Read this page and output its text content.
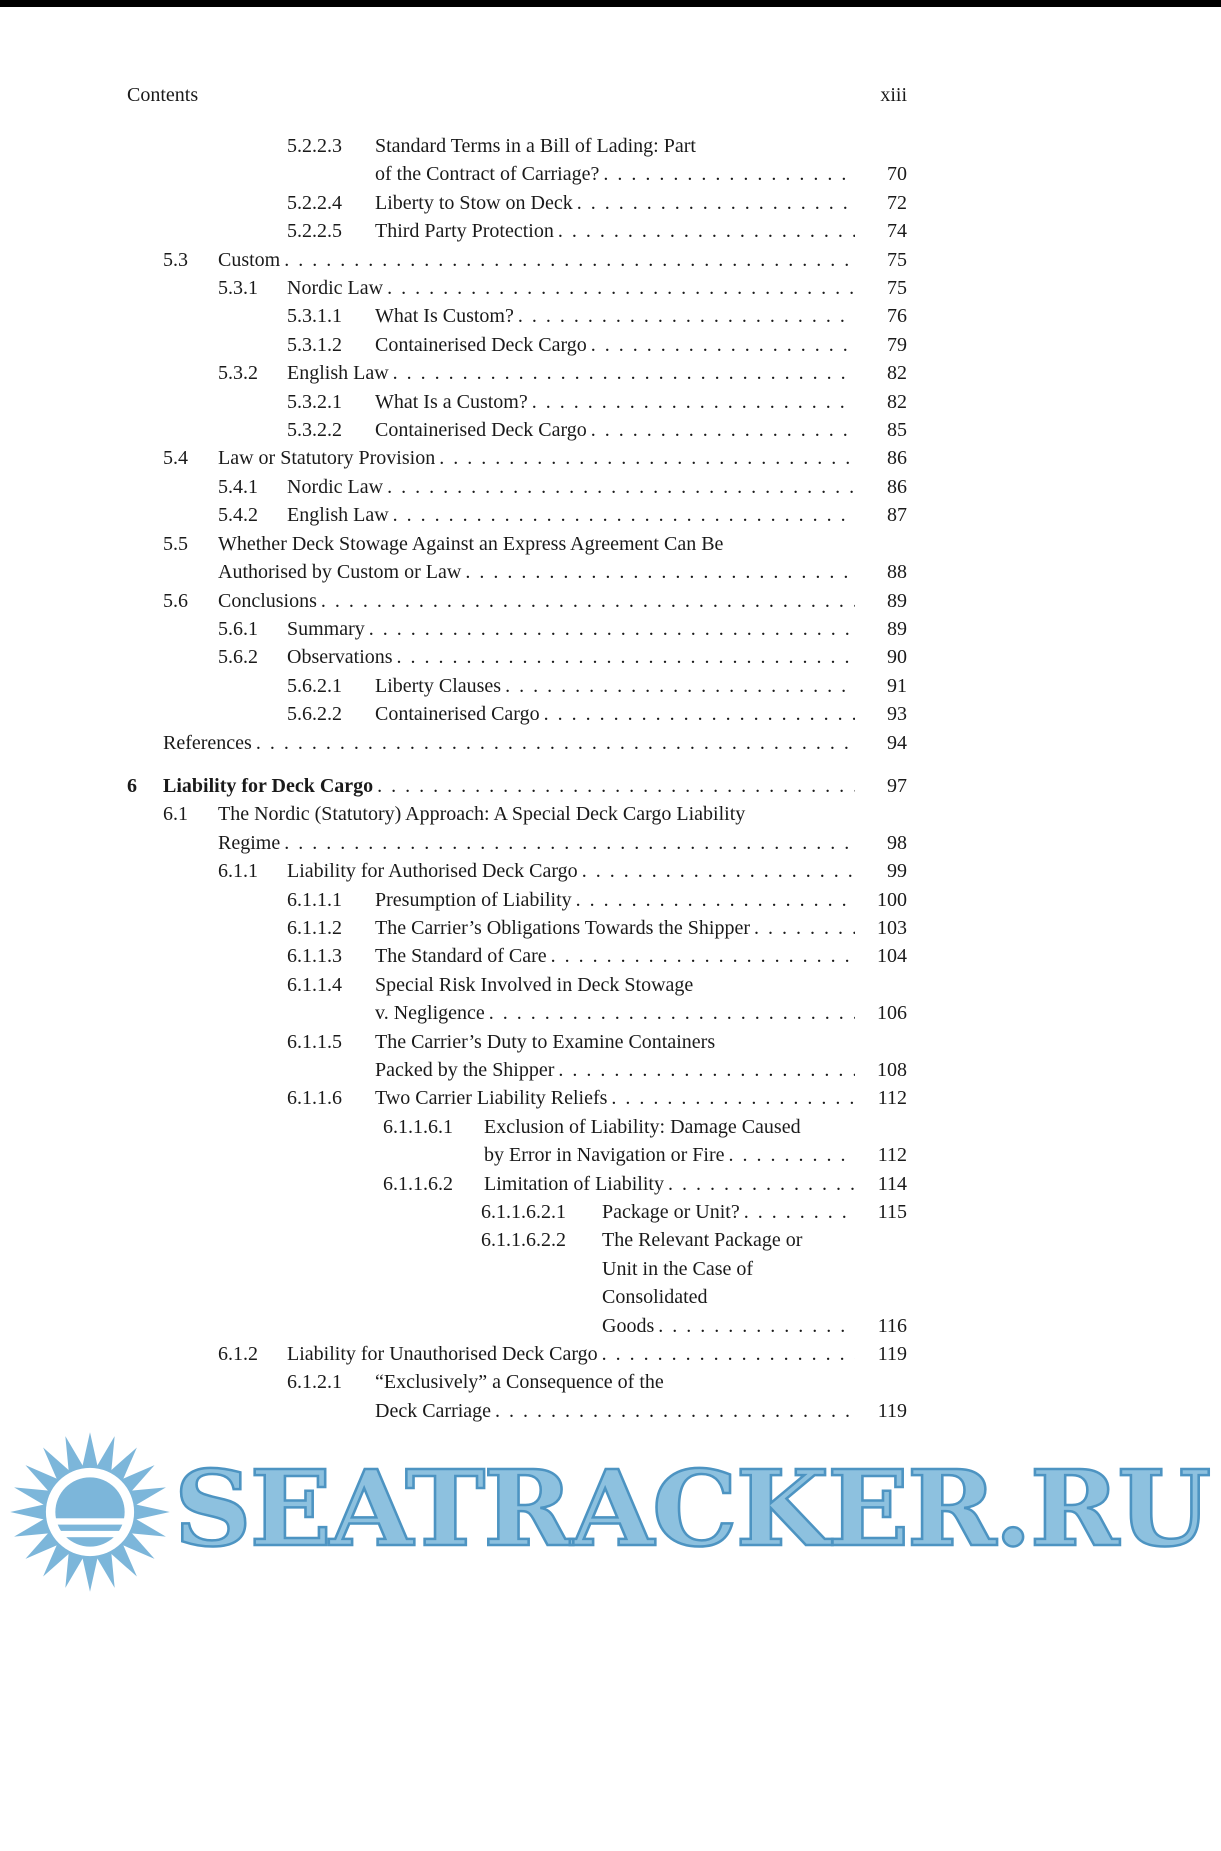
Contents	xiii
5.2.2.3	Standard Terms in a Bill of Lading: Part
of the Contract of Carriage? . . .	70
5.2.2.4	Liberty to Stow on Deck . . .	72
5.2.2.5	Third Party Protection . . .	74
5.3	Custom . . .	75
5.3.1	Nordic Law . . .	75
5.3.1.1	What Is Custom? . . .	76
5.3.1.2	Containerised Deck Cargo . . .	79
5.3.2	English Law . . .	82
5.3.2.1	What Is a Custom? . . .	82
5.3.2.2	Containerised Deck Cargo . . .	85
5.4	Law or Statutory Provision . . .	86
5.4.1	Nordic Law . . .	86
5.4.2	English Law . . .	87
5.5	Whether Deck Stowage Against an Express Agreement Can Be
Authorised by Custom or Law . . .	88
5.6	Conclusions . . .	89
5.6.1	Summary . . .	89
5.6.2	Observations . . .	90
5.6.2.1	Liberty Clauses . . .	91
5.6.2.2	Containerised Cargo . . .	93
References . . .	94
6	Liability for Deck Cargo . . .	97
6.1	The Nordic (Statutory) Approach: A Special Deck Cargo Liability
Regime . . .	98
6.1.1	Liability for Authorised Deck Cargo . . .	99
6.1.1.1	Presumption of Liability . . .	100
6.1.1.2	The Carrier’s Obligations Towards the Shipper . . .	103
6.1.1.3	The Standard of Care . . .	104
6.1.1.4	Special Risk Involved in Deck Stowage
v. Negligence . . .	106
6.1.1.5	The Carrier’s Duty to Examine Containers
Packed by the Shipper . . .	108
6.1.1.6	Two Carrier Liability Reliefs . . .	112
6.1.1.6.1	Exclusion of Liability: Damage Caused
by Error in Navigation or Fire . . .	112
6.1.1.6.2	Limitation of Liability . . .	114
6.1.1.6.2.1	Package or Unit? . . .	115
6.1.1.6.2.2	The Relevant Package or
Unit in the Case of
Consolidated
Goods . . .	116
6.1.2	Liability for Unauthorised Deck Cargo . . .	119
6.1.2.1	“Exclusively” a Consequence of the
Deck Carriage . . .	119
SEATRACKER.RU
